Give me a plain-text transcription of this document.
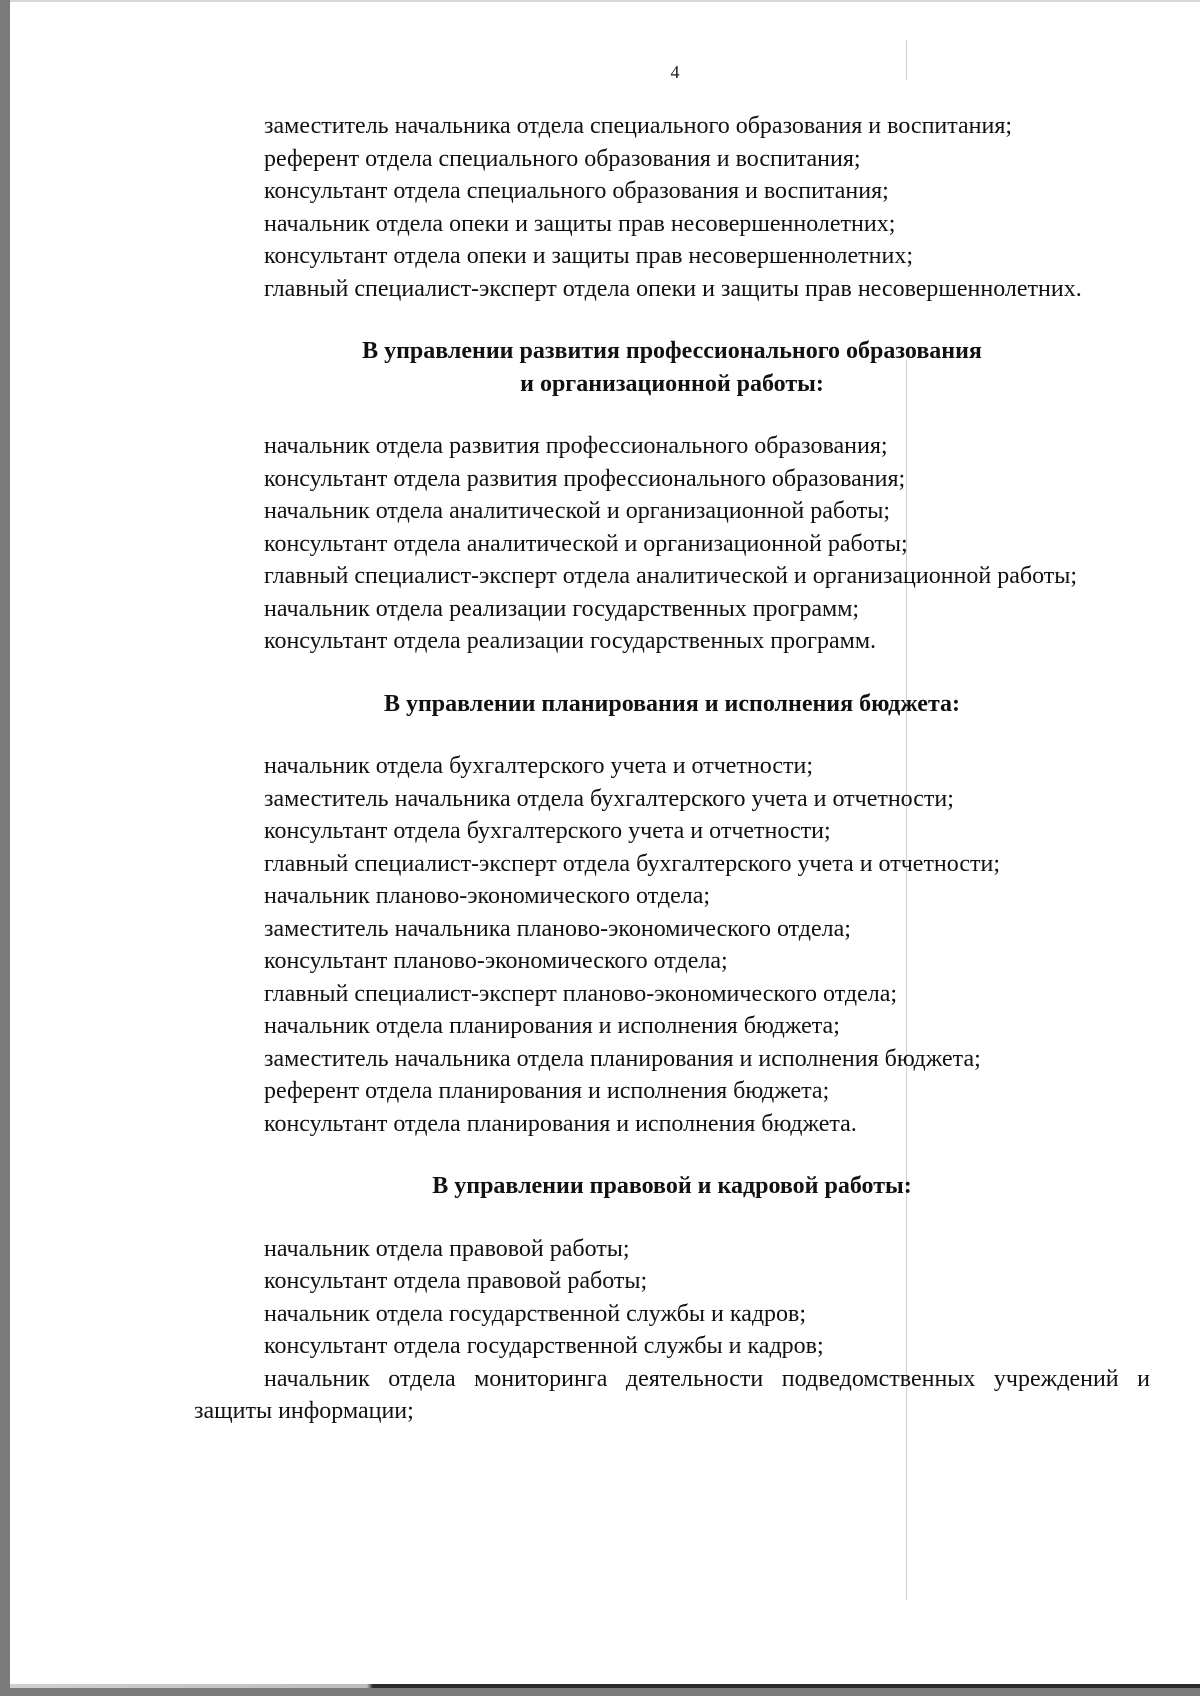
4

заместитель начальника отдела специального образования и воспитания;

референт отдела специального образования и воспитания;

консультант отдела специального образования и воспитания;

начальник отдела опеки и защиты прав несовершеннолетних;

консультант отдела опеки и защиты прав несовершеннолетних;

главный специалист-эксперт отдела опеки и защиты прав несовершеннолетних.

В управлении развития профессионального образования
и организационной работы:

начальник отдела развития профессионального образования;

консультант отдела развития профессионального образования;

начальник отдела аналитической и организационной работы;

консультант отдела аналитической и организационной работы;

главный специалист-эксперт отдела аналитической и организационной работы;

начальник отдела реализации государственных программ;

консультант отдела реализации государственных программ.

В управлении планирования и исполнения бюджета:

начальник отдела бухгалтерского учета и отчетности;

заместитель начальника отдела бухгалтерского учета и отчетности;

консультант отдела бухгалтерского учета и отчетности;

главный специалист-эксперт отдела бухгалтерского учета и отчетности;

начальник планово-экономического отдела;

заместитель начальника планово-экономического отдела;

консультант планово-экономического отдела;

главный специалист-эксперт планово-экономического отдела;

начальник отдела планирования и исполнения бюджета;

заместитель начальника отдела планирования и исполнения бюджета;

референт отдела планирования и исполнения бюджета;

консультант отдела планирования и исполнения бюджета.

В управлении правовой и кадровой работы:

начальник отдела правовой работы;

консультант отдела правовой работы;

начальник отдела государственной службы и кадров;

консультант отдела государственной службы и кадров;

начальник отдела мониторинга деятельности подведомственных учреждений и защиты информации;
